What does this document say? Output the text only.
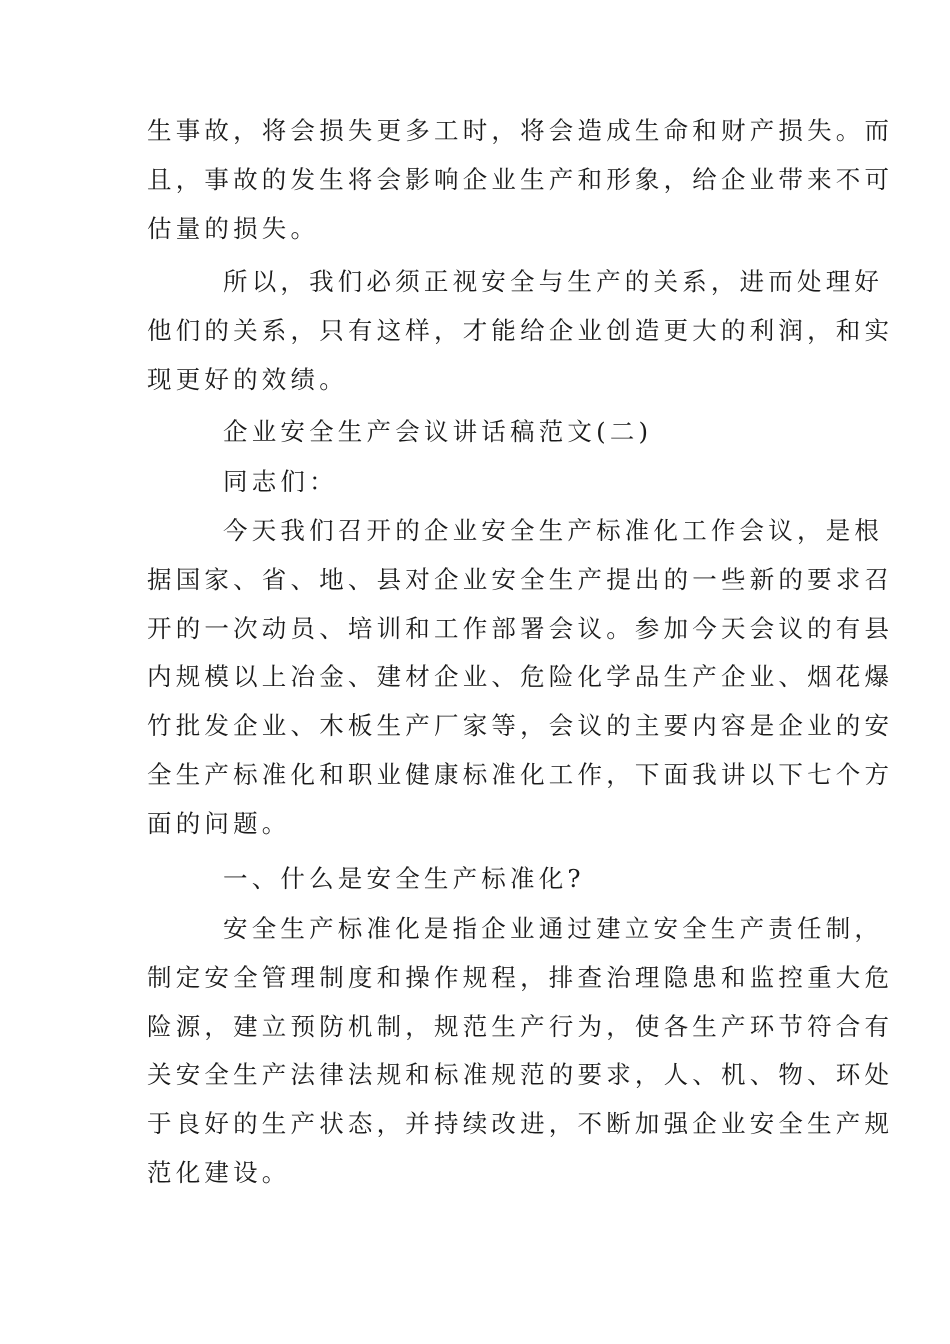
生事故，将会损失更多工时，将会造成生命和财产损失。而
且，事故的发生将会影响企业生产和形象，给企业带来不可
估量的损失。
所以，我们必须正视安全与生产的关系，进而处理好
他们的关系，只有这样，才能给企业创造更大的利润，和实
现更好的效绩。
企业安全生产会议讲话稿范文(二)
同志们：
今天我们召开的企业安全生产标准化工作会议，是根
据国家、省、地、县对企业安全生产提出的一些新的要求召
开的一次动员、培训和工作部署会议。参加今天会议的有县
内规模以上冶金、建材企业、危险化学品生产企业、烟花爆
竹批发企业、木板生产厂家等，会议的主要内容是企业的安
全生产标准化和职业健康标准化工作，下面我讲以下七个方
面的问题。
一、什么是安全生产标准化?
安全生产标准化是指企业通过建立安全生产责任制，
制定安全管理制度和操作规程，排查治理隐患和监控重大危
险源，建立预防机制，规范生产行为，使各生产环节符合有
关安全生产法律法规和标准规范的要求，人、机、物、环处
于良好的生产状态，并持续改进，不断加强企业安全生产规
范化建设。
